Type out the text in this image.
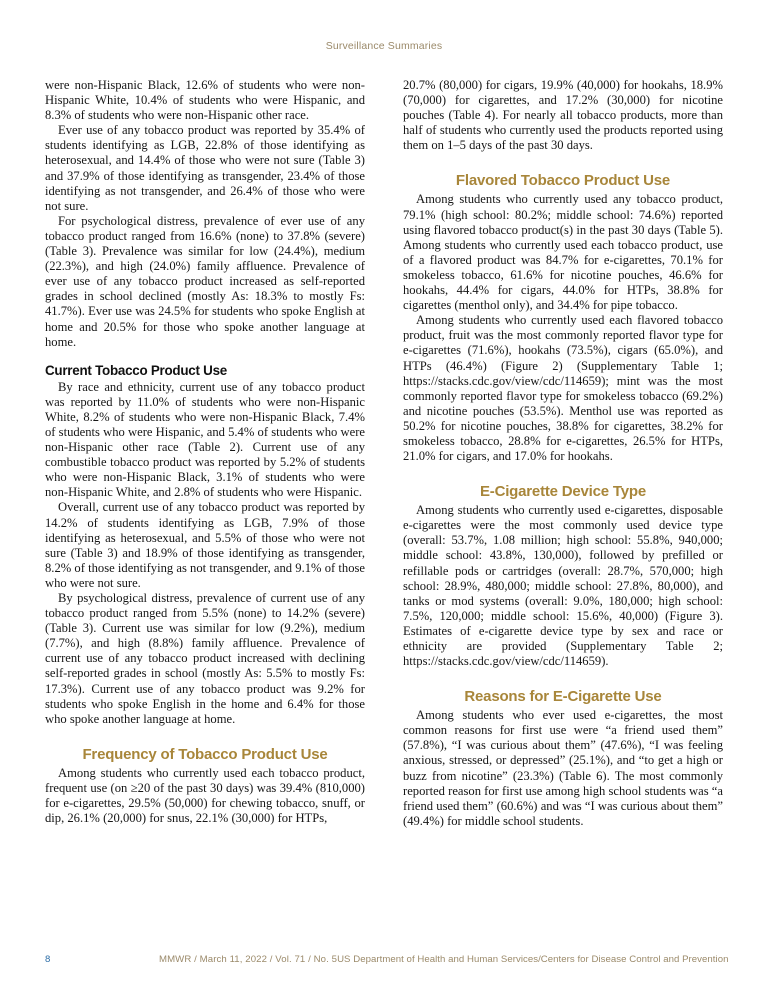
Surveillance Summaries

were non-Hispanic Black, 12.6% of students who were non-Hispanic White, 10.4% of students who were Hispanic, and 8.3% of students who were non-Hispanic other race.

Ever use of any tobacco product was reported by 35.4% of students identifying as LGB, 22.8% of those identifying as heterosexual, and 14.4% of those who were not sure (Table 3) and 37.9% of those identifying as transgender, 23.4% of those identifying as not transgender, and 26.4% of those who were not sure.

For psychological distress, prevalence of ever use of any tobacco product ranged from 16.6% (none) to 37.8% (severe) (Table 3). Prevalence was similar for low (24.4%), medium (22.3%), and high (24.0%) family affluence. Prevalence of ever use of any tobacco product increased as self-reported grades in school declined (mostly As: 18.3% to mostly Fs: 41.7%). Ever use was 24.5% for students who spoke English at home and 20.5% for those who spoke another language at home.

Current Tobacco Product Use

By race and ethnicity, current use of any tobacco product was reported by 11.0% of students who were non-Hispanic White, 8.2% of students who were non-Hispanic Black, 7.4% of students who were Hispanic, and 5.4% of students who were non-Hispanic other race (Table 2). Current use of any combustible tobacco product was reported by 5.2% of students who were non-Hispanic Black, 3.1% of students who were non-Hispanic White, and 2.8% of students who were Hispanic.

Overall, current use of any tobacco product was reported by 14.2% of students identifying as LGB, 7.9% of those identifying as heterosexual, and 5.5% of those who were not sure (Table 3) and 18.9% of those identifying as transgender, 8.2% of those identifying as not transgender, and 9.1% of those who were not sure.

By psychological distress, prevalence of current use of any tobacco product ranged from 5.5% (none) to 14.2% (severe) (Table 3). Current use was similar for low (9.2%), medium (7.7%), and high (8.8%) family affluence. Prevalence of current use of any tobacco product increased with declining self-reported grades in school (mostly As: 5.5% to mostly Fs: 17.3%). Current use of any tobacco product was 9.2% for students who spoke English in the home and 6.4% for those who spoke another language at home.

Frequency of Tobacco Product Use

Among students who currently used each tobacco product, frequent use (on ≥20 of the past 30 days) was 39.4% (810,000) for e-cigarettes, 29.5% (50,000) for chewing tobacco, snuff, or dip, 26.1% (20,000) for snus, 22.1% (30,000) for HTPs,

20.7% (80,000) for cigars, 19.9% (40,000) for hookahs, 18.9% (70,000) for cigarettes, and 17.2% (30,000) for nicotine pouches (Table 4). For nearly all tobacco products, more than half of students who currently used the products reported using them on 1–5 days of the past 30 days.

Flavored Tobacco Product Use

Among students who currently used any tobacco product, 79.1% (high school: 80.2%; middle school: 74.6%) reported using flavored tobacco product(s) in the past 30 days (Table 5). Among students who currently used each tobacco product, use of a flavored product was 84.7% for e-cigarettes, 70.1% for smokeless tobacco, 61.6% for nicotine pouches, 46.6% for hookahs, 44.4% for cigars, 44.0% for HTPs, 38.8% for cigarettes (menthol only), and 34.4% for pipe tobacco.

Among students who currently used each flavored tobacco product, fruit was the most commonly reported flavor type for e-cigarettes (71.6%), hookahs (73.5%), cigars (65.0%), and HTPs (46.4%) (Figure 2) (Supplementary Table 1; https://stacks.cdc.gov/view/cdc/114659); mint was the most commonly reported flavor type for smokeless tobacco (69.2%) and nicotine pouches (53.5%). Menthol use was reported as 50.2% for nicotine pouches, 38.8% for cigarettes, 38.2% for smokeless tobacco, 28.8% for e-cigarettes, 26.5% for HTPs, 21.0% for cigars, and 17.0% for hookahs.

E-Cigarette Device Type

Among students who currently used e-cigarettes, disposable e-cigarettes were the most commonly used device type (overall: 53.7%, 1.08 million; high school: 55.8%, 940,000; middle school: 43.8%, 130,000), followed by prefilled or refillable pods or cartridges (overall: 28.7%, 570,000; high school: 28.9%, 480,000; middle school: 27.8%, 80,000), and tanks or mod systems (overall: 9.0%, 180,000; high school: 7.5%, 120,000; middle school: 15.6%, 40,000) (Figure 3). Estimates of e-cigarette device type by sex and race or ethnicity are provided (Supplementary Table 2; https://stacks.cdc.gov/view/cdc/114659).

Reasons for E-Cigarette Use

Among students who ever used e-cigarettes, the most common reasons for first use were “a friend used them” (57.8%), “I was curious about them” (47.6%), “I was feeling anxious, stressed, or depressed” (25.1%), and “to get a high or buzz from nicotine” (23.3%) (Table 6). The most commonly reported reason for first use among high school students was “a friend used them” (60.6%) and was “I was curious about them” (49.4%) for middle school students.

8	MMWR / March 11, 2022 / Vol. 71 / No. 5 US Department of Health and Human Services/Centers for Disease Control and Prevention
